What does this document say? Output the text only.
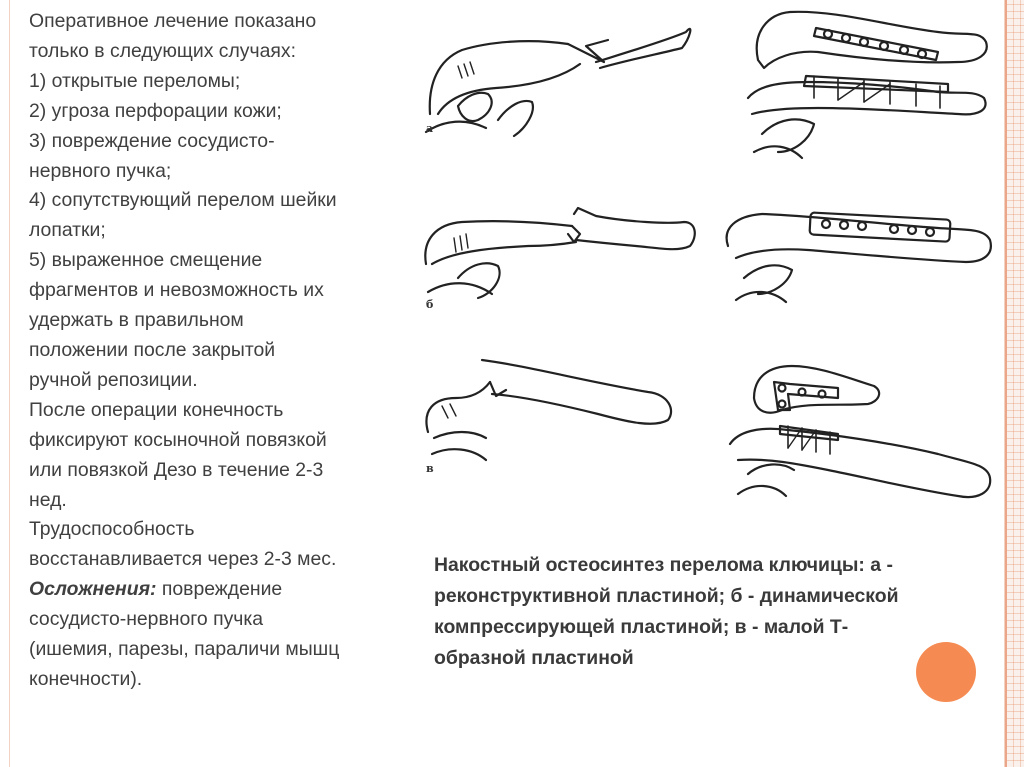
Оперативное лечение показано

только в следующих случаях:

1) открытые переломы;

2) угроза перфорации кожи;

3) повреждение сосудисто-

нервного пучка;

4) сопутствующий перелом шейки

лопатки;

5) выраженное смещение

фрагментов и невозможность их

удержать в правильном

положении после закрытой

ручной репозиции.

После операции конечность

фиксируют косыночной повязкой

или повязкой Дезо в течение 2-3

нед.

Трудоспособность

восстанавливается через 2-3 мес.

Осложнения: повреждение

сосудисто-нервного пучка

(ишемия, парезы, параличи мышц

конечности).

а
б
в
Накостный остеосинтез перелома ключицы: а -
реконструктивной пластиной; б - динамической
компрессирующей пластиной; в - малой Т-
образной пластиной
